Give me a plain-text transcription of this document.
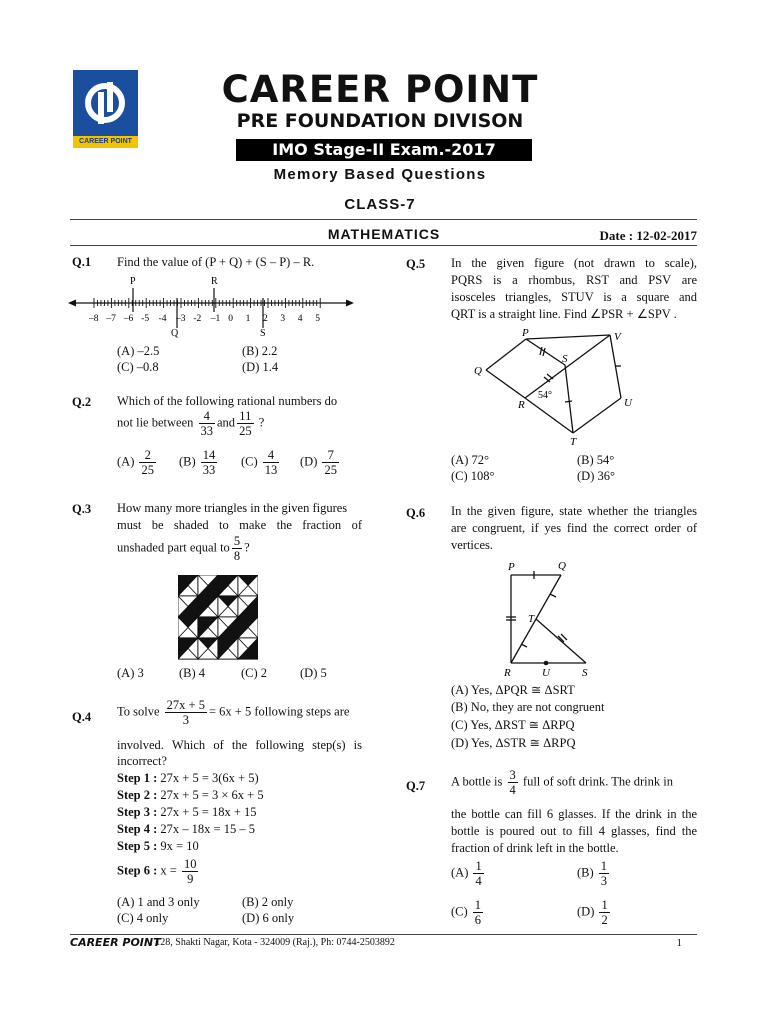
CAREER POINT
CAREER POINT
PRE FOUNDATION DIVISON
IMO Stage-II Exam.-2017
Memory Based Questions
CLASS-7
MATHEMATICS	Date : 12-02-2017
Q.1 Find the value of (P + Q) + (S – P) – R.
–8 –7 –6 -5 -4 –3 -2 –1 0 1 2 3 4 5
P	R
Q	S
(A) –2.5	(B) 2.2
(C) –0.8	(D) 1.4
Q.2 Which of the following rational numbers do
not lie between $\frac{4}{33}$ and $\frac{11}{25}$ ?
$(A) \frac{2}{25} (B) \frac{14}{33} (C) \frac{4}{13} (D) \frac{7}{25}$
Q.3 How many more triangles in the given figures
must be shaded to make the fraction of
unshaded part equal to $\frac{5}{8}$ ?
(A) 3	(B) 4	(C) 2	(D) 5
Q.4 To solve $\frac{27x + 5}{3} = 6x + 5$ following steps are
involved. Which of the following step(s) is
incorrect?
Step 1 : 27x + 5 = 3(6x + 5)
Step 2 : 27x + 5 = 3 × 6x + 5
Step 3 : 27x + 5 = 18x + 15
Step 4 : 27x – 18x = 15 – 5
Step 5 : 9x = 10
Step 6 : $x = \frac{10}{9}$
(A) 1 and 3 only	(B) 2 only
(C) 4 only	(D) 6 only
Q.5 In the given figure (not drawn to scale),
PQRS is a rhombus, RST and PSV are
isosceles triangles, STUV is a square and
QRT is a straight line. Find ∠PSR + ∠SPV .
P
Q
R
S
T
U
V
54°
(A) 72°	(B) 54°
(C) 108°	(D) 36°
Q.6 In the given figure, state whether the triangles
are congruent, if yes find the correct order of
vertices.
P	Q
T
R	U	S
(A) Yes, ΔPQR ≅ ΔSRT
(B) No, they are not congruent
(C) Yes, ΔRST ≅ ΔRPQ
(D) Yes, ΔSTR ≅ ΔRPQ
Q.7 A bottle is $\frac{3}{4}$ full of soft drink. The drink in
the bottle can fill 6 glasses. If the drink in the
bottle is poured out to fill 4 glasses, find the
fraction of drink left in the bottle.
$(A) \frac{1}{4}$	$(B) \frac{1}{3}$
$(C) \frac{1}{6}$	$(D) \frac{1}{2}$
CAREER POINT
: 128, Shakti Nagar, Kota - 324009 (Raj.), Ph: 0744-2503892	1
